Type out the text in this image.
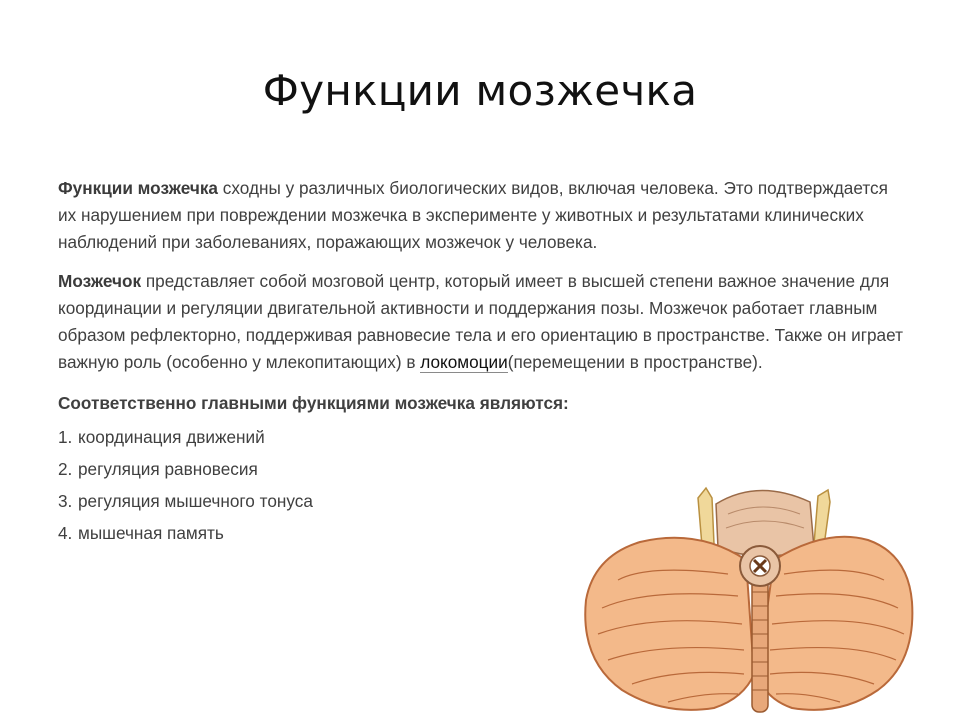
Функции мозжечка

Функции мозжечка сходны у различных биологических видов, включая человека. Это подтверждается их нарушением при повреждении мозжечка в эксперименте у животных и результатами клинических наблюдений при заболеваниях, поражающих мозжечок у человека.

Мозжечок представляет собой мозговой центр, который имеет в высшей степени важное значение для координации и регуляции двигательной активности и поддержания позы. Мозжечок работает главным образом рефлекторно, поддерживая равновесие тела и его ориентацию в пространстве. Также он играет важную роль (особенно у млекопитающих) в локомоции(перемещении в пространстве).

Соответственно главными функциями мозжечка являются:

1. координация движений
2. регуляция равновесия
3. регуляция мышечного тонуса
4. мышечная память
